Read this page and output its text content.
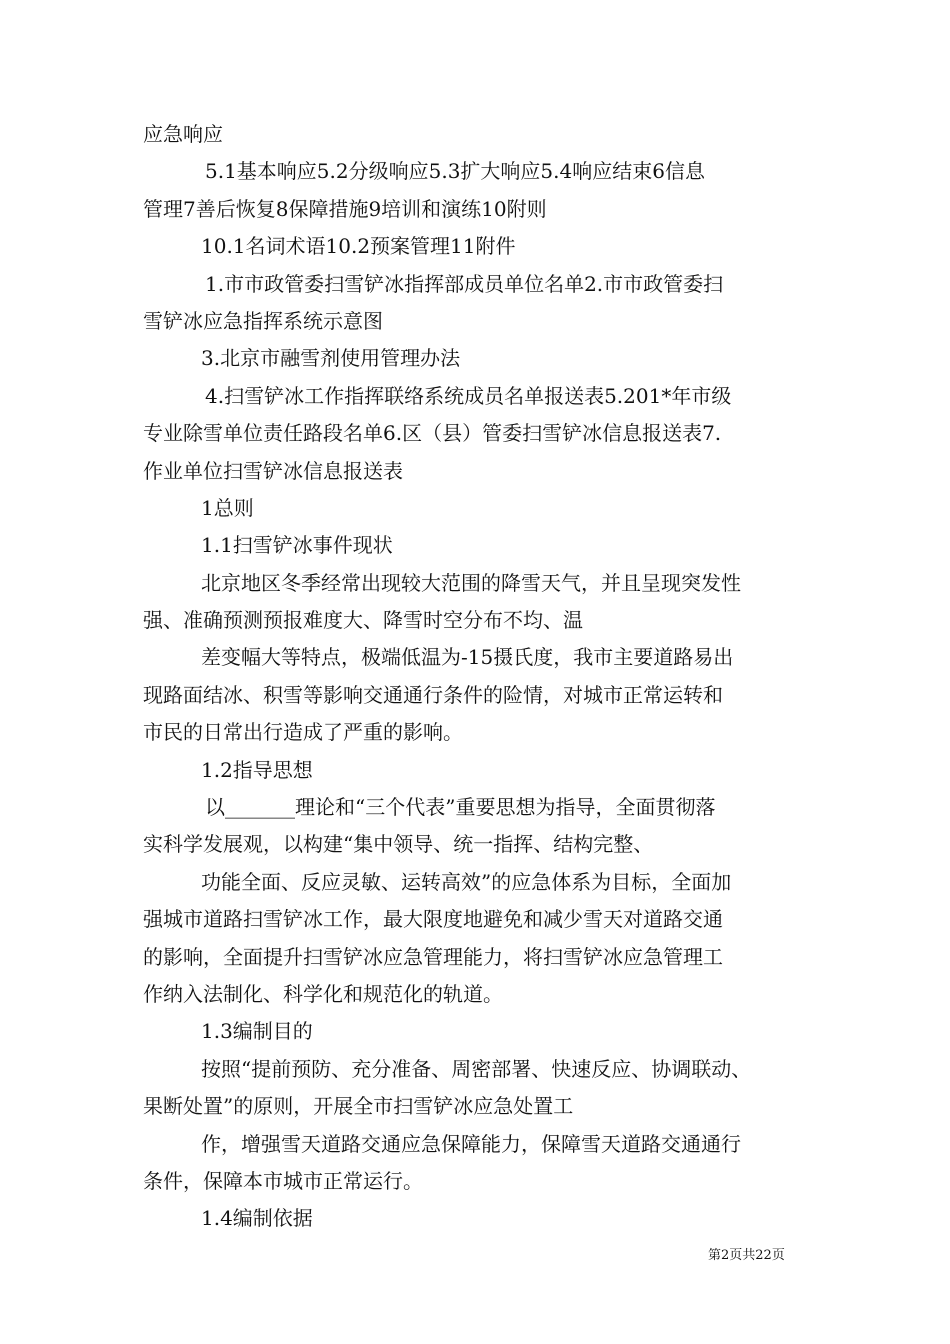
应急响应
5.1基本响应5.2分级响应5.3扩大响应5.4响应结束6信息
管理7善后恢复8保障措施9培训和演练10附则
10.1名词术语10.2预案管理11附件
1.市市政管委扫雪铲冰指挥部成员单位名单2.市市政管委扫
雪铲冰应急指挥系统示意图
3.北京市融雪剂使用管理办法
4.扫雪铲冰工作指挥联络系统成员名单报送表5.201*年市级
专业除雪单位责任路段名单6.区（县）管委扫雪铲冰信息报送表7.
作业单位扫雪铲冰信息报送表
1总则
1.1扫雪铲冰事件现状
北京地区冬季经常出现较大范围的降雪天气，并且呈现突发性
强、准确预测预报难度大、降雪时空分布不均、温
差变幅大等特点，极端低温为-15摄氏度，我市主要道路易出
现路面结冰、积雪等影响交通通行条件的险情，对城市正常运转和
市民的日常出行造成了严重的影响。
1.2指导思想
以_______理论和“三个代表”重要思想为指导，全面贯彻落
实科学发展观，以构建“集中领导、统一指挥、结构完整、
功能全面、反应灵敏、运转高效”的应急体系为目标，全面加
强城市道路扫雪铲冰工作，最大限度地避免和减少雪天对道路交通
的影响，全面提升扫雪铲冰应急管理能力，将扫雪铲冰应急管理工
作纳入法制化、科学化和规范化的轨道。
1.3编制目的
按照“提前预防、充分准备、周密部署、快速反应、协调联动、
果断处置”的原则，开展全市扫雪铲冰应急处置工
作，增强雪天道路交通应急保障能力，保障雪天道路交通通行
条件，保障本市城市正常运行。
1.4编制依据
第2页共22页
